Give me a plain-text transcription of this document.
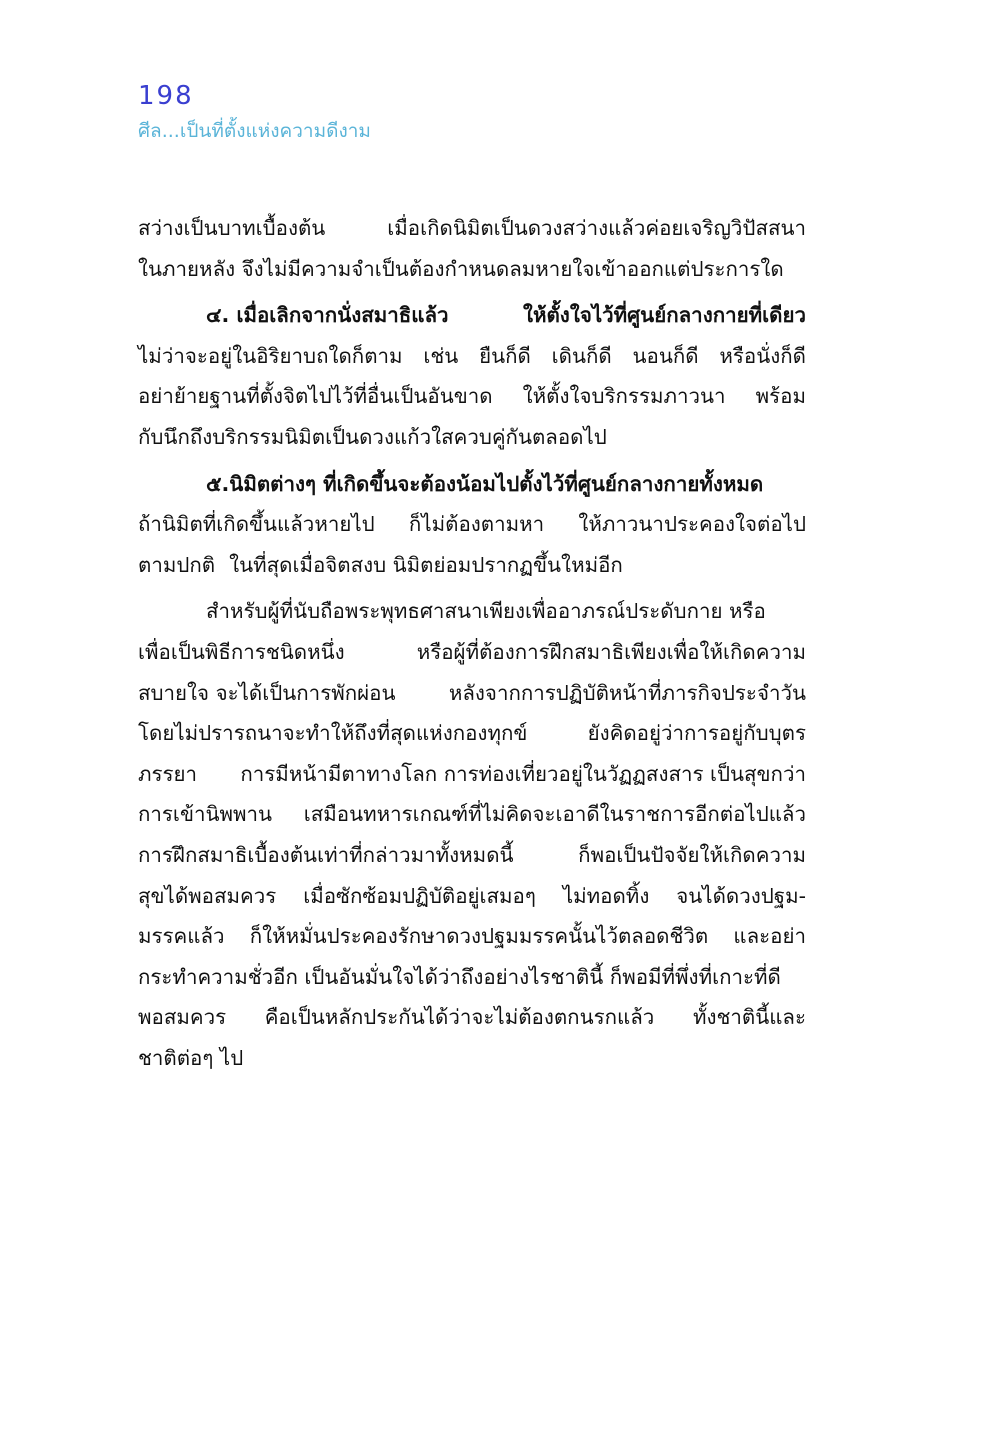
198
ศีล...เป็นที่ตั้งแห่งความดีงาม
สว่างเป็นบาทเบื้องต้น	เมื่อเกิดนิมิตเป็นดวงสว่างแล้วค่อยเจริญวิปัสสนา
ในภายหลัง จึงไม่มีความจำเป็นต้องกำหนดลมหายใจเข้าออกแต่ประการใด
๔. เมื่อเลิกจากนั่งสมาธิแล้ว	ให้ตั้งใจไว้ที่ศูนย์กลางกายที่เดียว
ไม่ว่าจะอยู่ในอิริยาบถใดก็ตาม เช่น ยืนก็ดี เดินก็ดี นอนก็ดี หรือนั่งก็ดี
อย่าย้ายฐานที่ตั้งจิตไปไว้ที่อื่นเป็นอันขาด ให้ตั้งใจบริกรรมภาวนา พร้อม
กับนึกถึงบริกรรมนิมิตเป็นดวงแก้วใสควบคู่กันตลอดไป
๕.นิมิตต่างๆ ที่เกิดขึ้นจะต้องน้อมไปตั้งไว้ที่ศูนย์กลางกายทั้งหมด
ถ้านิมิตที่เกิดขึ้นแล้วหายไป ก็ไม่ต้องตามหา ให้ภาวนาประคองใจต่อไป
ตามปกติ ในที่สุดเมื่อจิตสงบ นิมิตย่อมปรากฏขึ้นใหม่อีก
สำหรับผู้ที่นับถือพระพุทธศาสนาเพียงเพื่ออาภรณ์ประดับกาย หรือ
เพื่อเป็นพิธีการชนิดหนึ่ง	หรือผู้ที่ต้องการฝึกสมาธิเพียงเพื่อให้เกิดความ
สบายใจ จะได้เป็นการพักผ่อน	หลังจากการปฏิบัติหน้าที่ภารกิจประจำวัน
โดยไม่ปรารถนาจะทำให้ถึงที่สุดแห่งกองทุกข์	ยังคิดอยู่ว่าการอยู่กับบุตร
ภรรยา การมีหน้ามีตาทางโลก การท่องเที่ยวอยู่ในวัฏฏสงสาร เป็นสุขกว่า
การเข้านิพพาน เสมือนทหารเกณฑ์ที่ไม่คิดจะเอาดีในราชการอีกต่อไปแล้ว
การฝึกสมาธิเบื้องต้นเท่าที่กล่าวมาทั้งหมดนี้	ก็พอเป็นปัจจัยให้เกิดความ
สุขได้พอสมควร เมื่อซักซ้อมปฏิบัติอยู่เสมอๆ ไม่ทอดทิ้ง จนได้ดวงปฐม-
มรรคแล้ว ก็ให้หมั่นประคองรักษาดวงปฐมมรรคนั้นไว้ตลอดชีวิต และอย่า
กระทำความชั่วอีก เป็นอันมั่นใจได้ว่าถึงอย่างไรชาตินี้ ก็พอมีที่พึ่งที่เกาะที่ดี
พอสมควร คือเป็นหลักประกันได้ว่าจะไม่ต้องตกนรกแล้ว ทั้งชาตินี้และ
ชาติต่อๆ ไป
